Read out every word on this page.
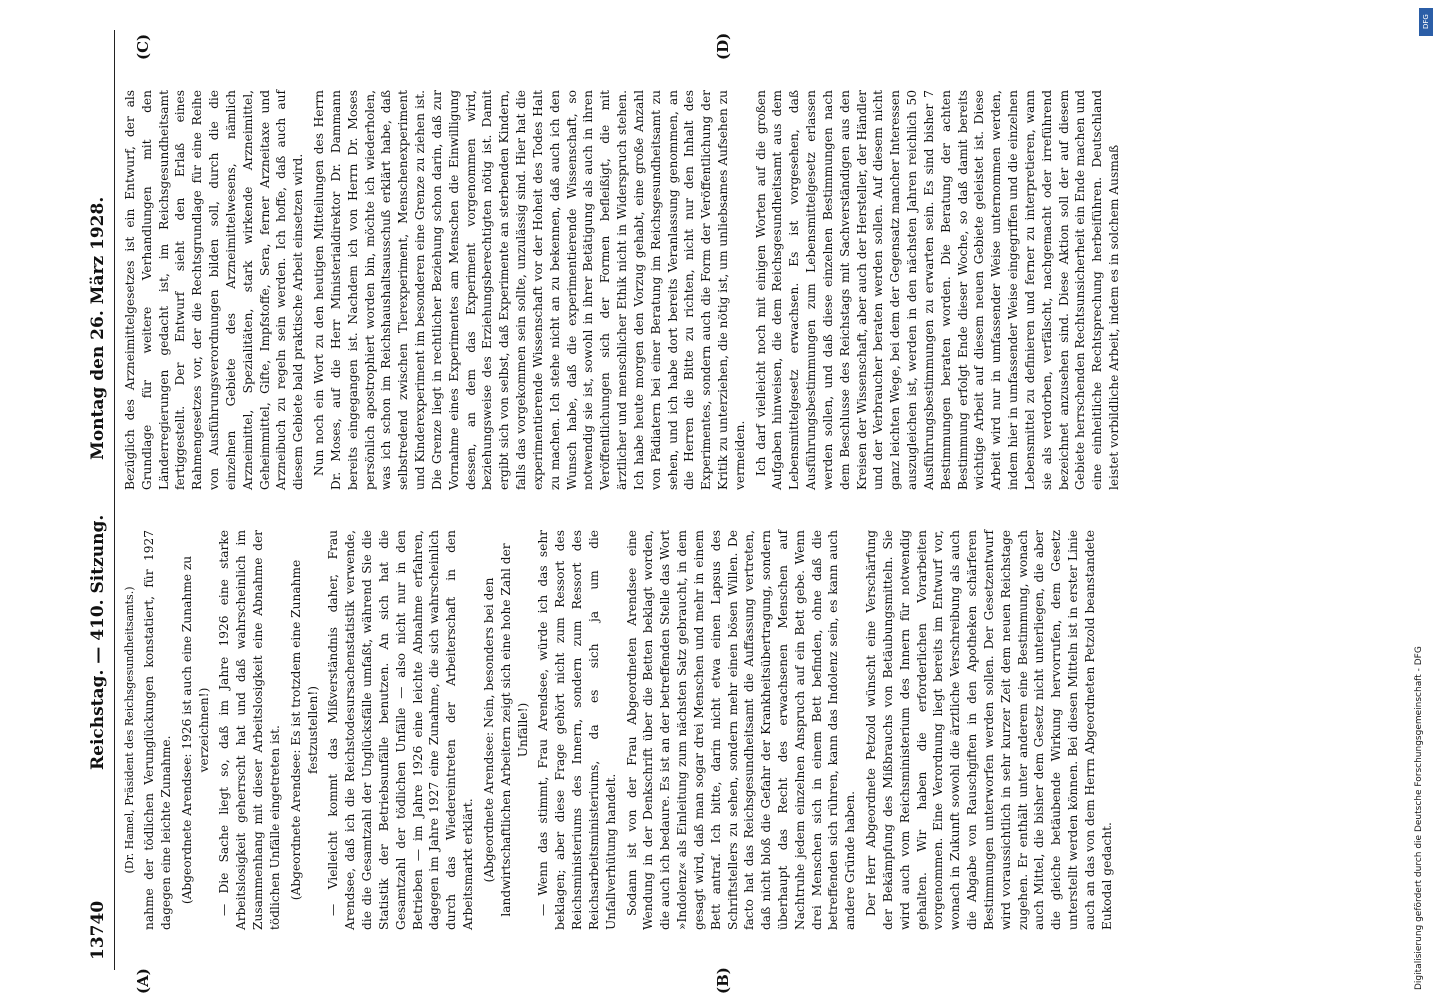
13740
Reichstag. — 410. Sitzung.
Montag den 26. März 1928.
(A)	(B)
(C)	(D)

(Dr. Hamel, Präsident des Reichsgesundheitsamts.) nahme der tödlichen Verunglückungen konstatiert, für 1927 dagegen eine leichte Zunahme. (Abgeordnete Arendsee: 1926 ist auch eine Zunahme zu verzeichnen!) — Die Sache liegt so, daß im Jahre 1926 eine starke Arbeitslosigkeit geherrscht hat und daß wahrscheinlich im Zusammenhang mit dieser Arbeitslosigkeit eine Abnahme der tödlichen Unfälle eingetreten ist. (Abgeordnete Arendsee: Es ist trotzdem eine Zunahme festzustellen!) — Vielleicht kommt das Mißverständnis daher, Frau Arendsee, daß ich die Reichstodesursachenstatistik verwende, die die Gesamtzahl der Unglücksfälle umfaßt, während Sie die Statistik der Betriebsunfälle benutzen. An sich hat die Gesamtzahl der tödlichen Unfälle — also nicht nur in den Betrieben — im Jahre 1926 eine leichte Abnahme erfahren, dagegen im Jahre 1927 eine Zunahme, die sich wahrscheinlich durch das Wiedereintreten der Arbeiterschaft in den Arbeitsmarkt erklärt. (Abgeordnete Arendsee: Nein, besonders bei den landwirtschaftlichen Arbeitern zeigt sich eine hohe Zahl der Unfälle!) — Wenn das stimmt, Frau Arendsee, würde ich das sehr beklagen; aber diese Frage gehört nicht zum Ressort des Reichsministeriums des Innern, sondern zum Ressort des Reichsarbeitsministeriums, da es sich ja um die Unfallverhütung handelt. Sodann ist von der Frau Abgeordneten Arendsee eine Wendung in der Denkschrift über die Betten beklagt worden, die auch ich bedaure. Es ist an der betreffenden Stelle das Wort »Indolenz« als Einleitung zum nächsten Satz gebraucht, in dem gesagt wird, daß man sogar drei Menschen und mehr in einem Bett antraf. Ich bitte, darin nicht etwa einen Lapsus des Schriftstellers zu sehen, sondern mehr einen bösen Willen. De facto hat das Reichsgesundheitsamt die Auffassung vertreten, daß nicht bloß die Gefahr der Krankheitsübertragung, sondern überhaupt das Recht des erwachsenen Menschen auf Nachtruhe jedem einzelnen Anspruch auf ein Bett gebe. Wenn drei Menschen sich in einem Bett befinden, ohne daß die betreffenden sich rühren, kann das Indolenz sein, es kann auch andere Gründe haben. Der Herr Abgeordnete Petzold wünscht eine Verschärfung der Bekämpfung des Mißbrauchs von Betäubungsmitteln. Sie wird auch vom Reichsministerium des Innern für notwendig gehalten. Wir haben die erforderlichen Vorarbeiten vorgenommen. Eine Verordnung liegt bereits im Entwurf vor, wonach in Zukunft sowohl die ärztliche Verschreibung als auch die Abgabe von Rauschgiften in den Apotheken schärferen Bestimmungen unterworfen werden sollen. Der Gesetzentwurf wird voraussichtlich in sehr kurzer Zeit dem neuen Reichstage zugehen. Er enthält unter anderem eine Bestimmung, wonach auch Mittel, die bisher dem Gesetz nicht unterliegen, die aber die gleiche betäubende Wirkung hervorrufen, dem Gesetz unterstellt werden können. Bei diesen Mitteln ist in erster Linie auch an das von dem Herrn Abgeordneten Petzold beanstandete Eukodal gedacht.

Bezüglich des Arzneimittelgesetzes ist ein Entwurf, der als Grundlage für weitere Verhandlungen mit den Länderregierungen gedacht ist, im Reichsgesundheitsamt fertiggestellt. Der Entwurf sieht den Erlaß eines Rahmengesetzes vor, der die Rechtsgrundlage für eine Reihe von Ausführungsverordnungen bilden soll, durch die die einzelnen Gebiete des Arzneimittelwesens, nämlich Arzneimittel, Spezialitäten, stark wirkende Arzneimittel, Geheimmittel, Gifte, Impfstoffe, Sera, ferner Arzneitaxe und Arzneibuch zu regeln sein werden. Ich hoffe, daß auch auf diesem Gebiete bald praktische Arbeit einsetzen wird. Nun noch ein Wort zu den heutigen Mitteilungen des Herrn Dr. Moses, auf die Herr Ministerialdirektor Dr. Dammann bereits eingegangen ist. Nachdem ich von Herrn Dr. Moses persönlich apostrophiert worden bin, möchte ich wiederholen, was ich schon im Reichshaushaltsausschuß erklärt habe, daß selbstredend zwischen Tierexperiment, Menschenexperiment und Kinderexperiment im besonderen eine Grenze zu ziehen ist. Die Grenze liegt in rechtlicher Beziehung schon darin, daß zur Vornahme eines Experimentes am Menschen die Einwilligung dessen, an dem das Experiment vorgenommen wird, beziehungsweise des Erziehungsberechtigten nötig ist. Damit ergibt sich von selbst, daß Experimente an sterbenden Kindern, falls das vorgekommen sein sollte, unzulässig sind. Hier hat die experimentierende Wissenschaft vor der Hoheit des Todes Halt zu machen. Ich stehe nicht an zu bekennen, daß auch ich den Wunsch habe, daß die experimentierende Wissenschaft, so notwendig sie ist, sowohl in ihrer Betätigung als auch in ihren Veröffentlichungen sich der Formen befleißigt, die mit ärztlicher und menschlicher Ethik nicht in Widerspruch stehen. Ich habe heute morgen den Vorzug gehabt, eine große Anzahl von Pädiatern bei einer Beratung im Reichsgesundheitsamt zu sehen, und ich habe dort bereits Veranlassung genommen, an die Herren die Bitte zu richten, nicht nur den Inhalt des Experimentes, sondern auch die Form der Veröffentlichung der Kritik zu unterziehen, die nötig ist, um unliebsames Aufsehen zu vermeiden. Ich darf vielleicht noch mit einigen Worten auf die großen Aufgaben hinweisen, die dem Reichsgesundheitsamt aus dem Lebensmittelgesetz erwachsen. Es ist vorgesehen, daß Ausführungsbestimmungen zum Lebensmittelgesetz erlassen werden sollen, und daß diese einzelnen Bestimmungen nach dem Beschlusse des Reichstags mit Sachverständigen aus den Kreisen der Wissenschaft, aber auch der Hersteller, der Händler und der Verbraucher beraten werden sollen. Auf diesem nicht ganz leichten Wege, bei dem der Gegensatz mancher Interessen auszugleichen ist, werden in den nächsten Jahren reichlich 50 Ausführungsbestimmungen zu erwarten sein. Es sind bisher 7 Bestimmungen beraten worden. Die Beratung der achten Bestimmung erfolgt Ende dieser Woche, so daß damit bereits wichtige Arbeit auf diesem neuen Gebiete geleistet ist. Diese Arbeit wird nur in umfassender Weise unternommen werden, indem hier in umfassender Weise eingegriffen und die einzelnen Lebensmittel zu definieren und ferner zu interpretieren, wann sie als verdorben, verfälscht, nachgemacht oder irreführend bezeichnet anzusehen sind. Diese Aktion soll der auf diesem Gebiete herrschenden Rechtsunsicherheit ein Ende machen und eine einheitliche Rechtsprechung herbeiführen. Deutschland leistet vorbildliche Arbeit, indem es in solchem Ausmaß

DFG
Digitalisierung gefördert durch die Deutsche Forschungsgemeinschaft - DFG
